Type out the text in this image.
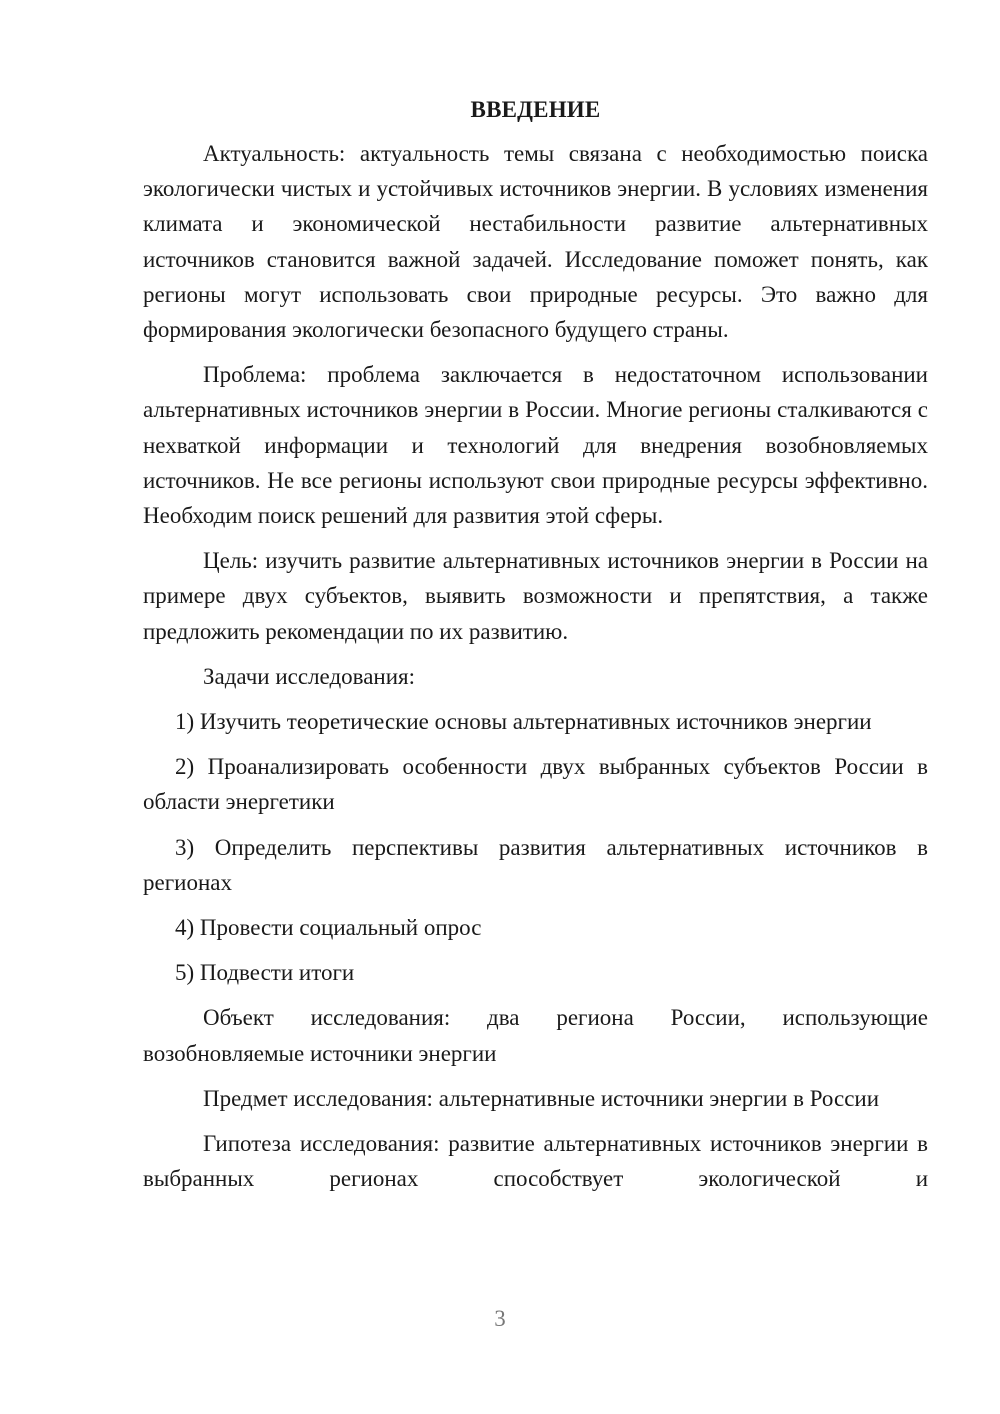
ВВЕДЕНИЕ

Актуальность: актуальность темы связана с необходимостью поиска экологически чистых и устойчивых источников энергии. В условиях изменения климата и экономической нестабильности развитие альтернативных источников становится важной задачей. Исследование поможет понять, как регионы могут использовать свои природные ресурсы. Это важно для формирования экологически безопасного будущего страны.

Проблема: проблема заключается в недостаточном использовании альтернативных источников энергии в России. Многие регионы сталкиваются с нехваткой информации и технологий для внедрения возобновляемых источников. Не все регионы используют свои природные ресурсы эффективно. Необходим поиск решений для развития этой сферы.

Цель: изучить развитие альтернативных источников энергии в России на примере двух субъектов, выявить возможности и препятствия, а также предложить рекомендации по их развитию.

Задачи исследования:

1) Изучить теоретические основы альтернативных источников энергии

2) Проанализировать особенности двух выбранных субъектов России в области энергетики

3) Определить перспективы развития альтернативных источников в регионах

4) Провести социальный опрос

5) Подвести итоги

Объект исследования: два региона России, использующие возобновляемые источники энергии

Предмет исследования: альтернативные источники энергии в России

Гипотеза исследования: развитие альтернативных источников энергии в выбранных регионах способствует экологической и

3
